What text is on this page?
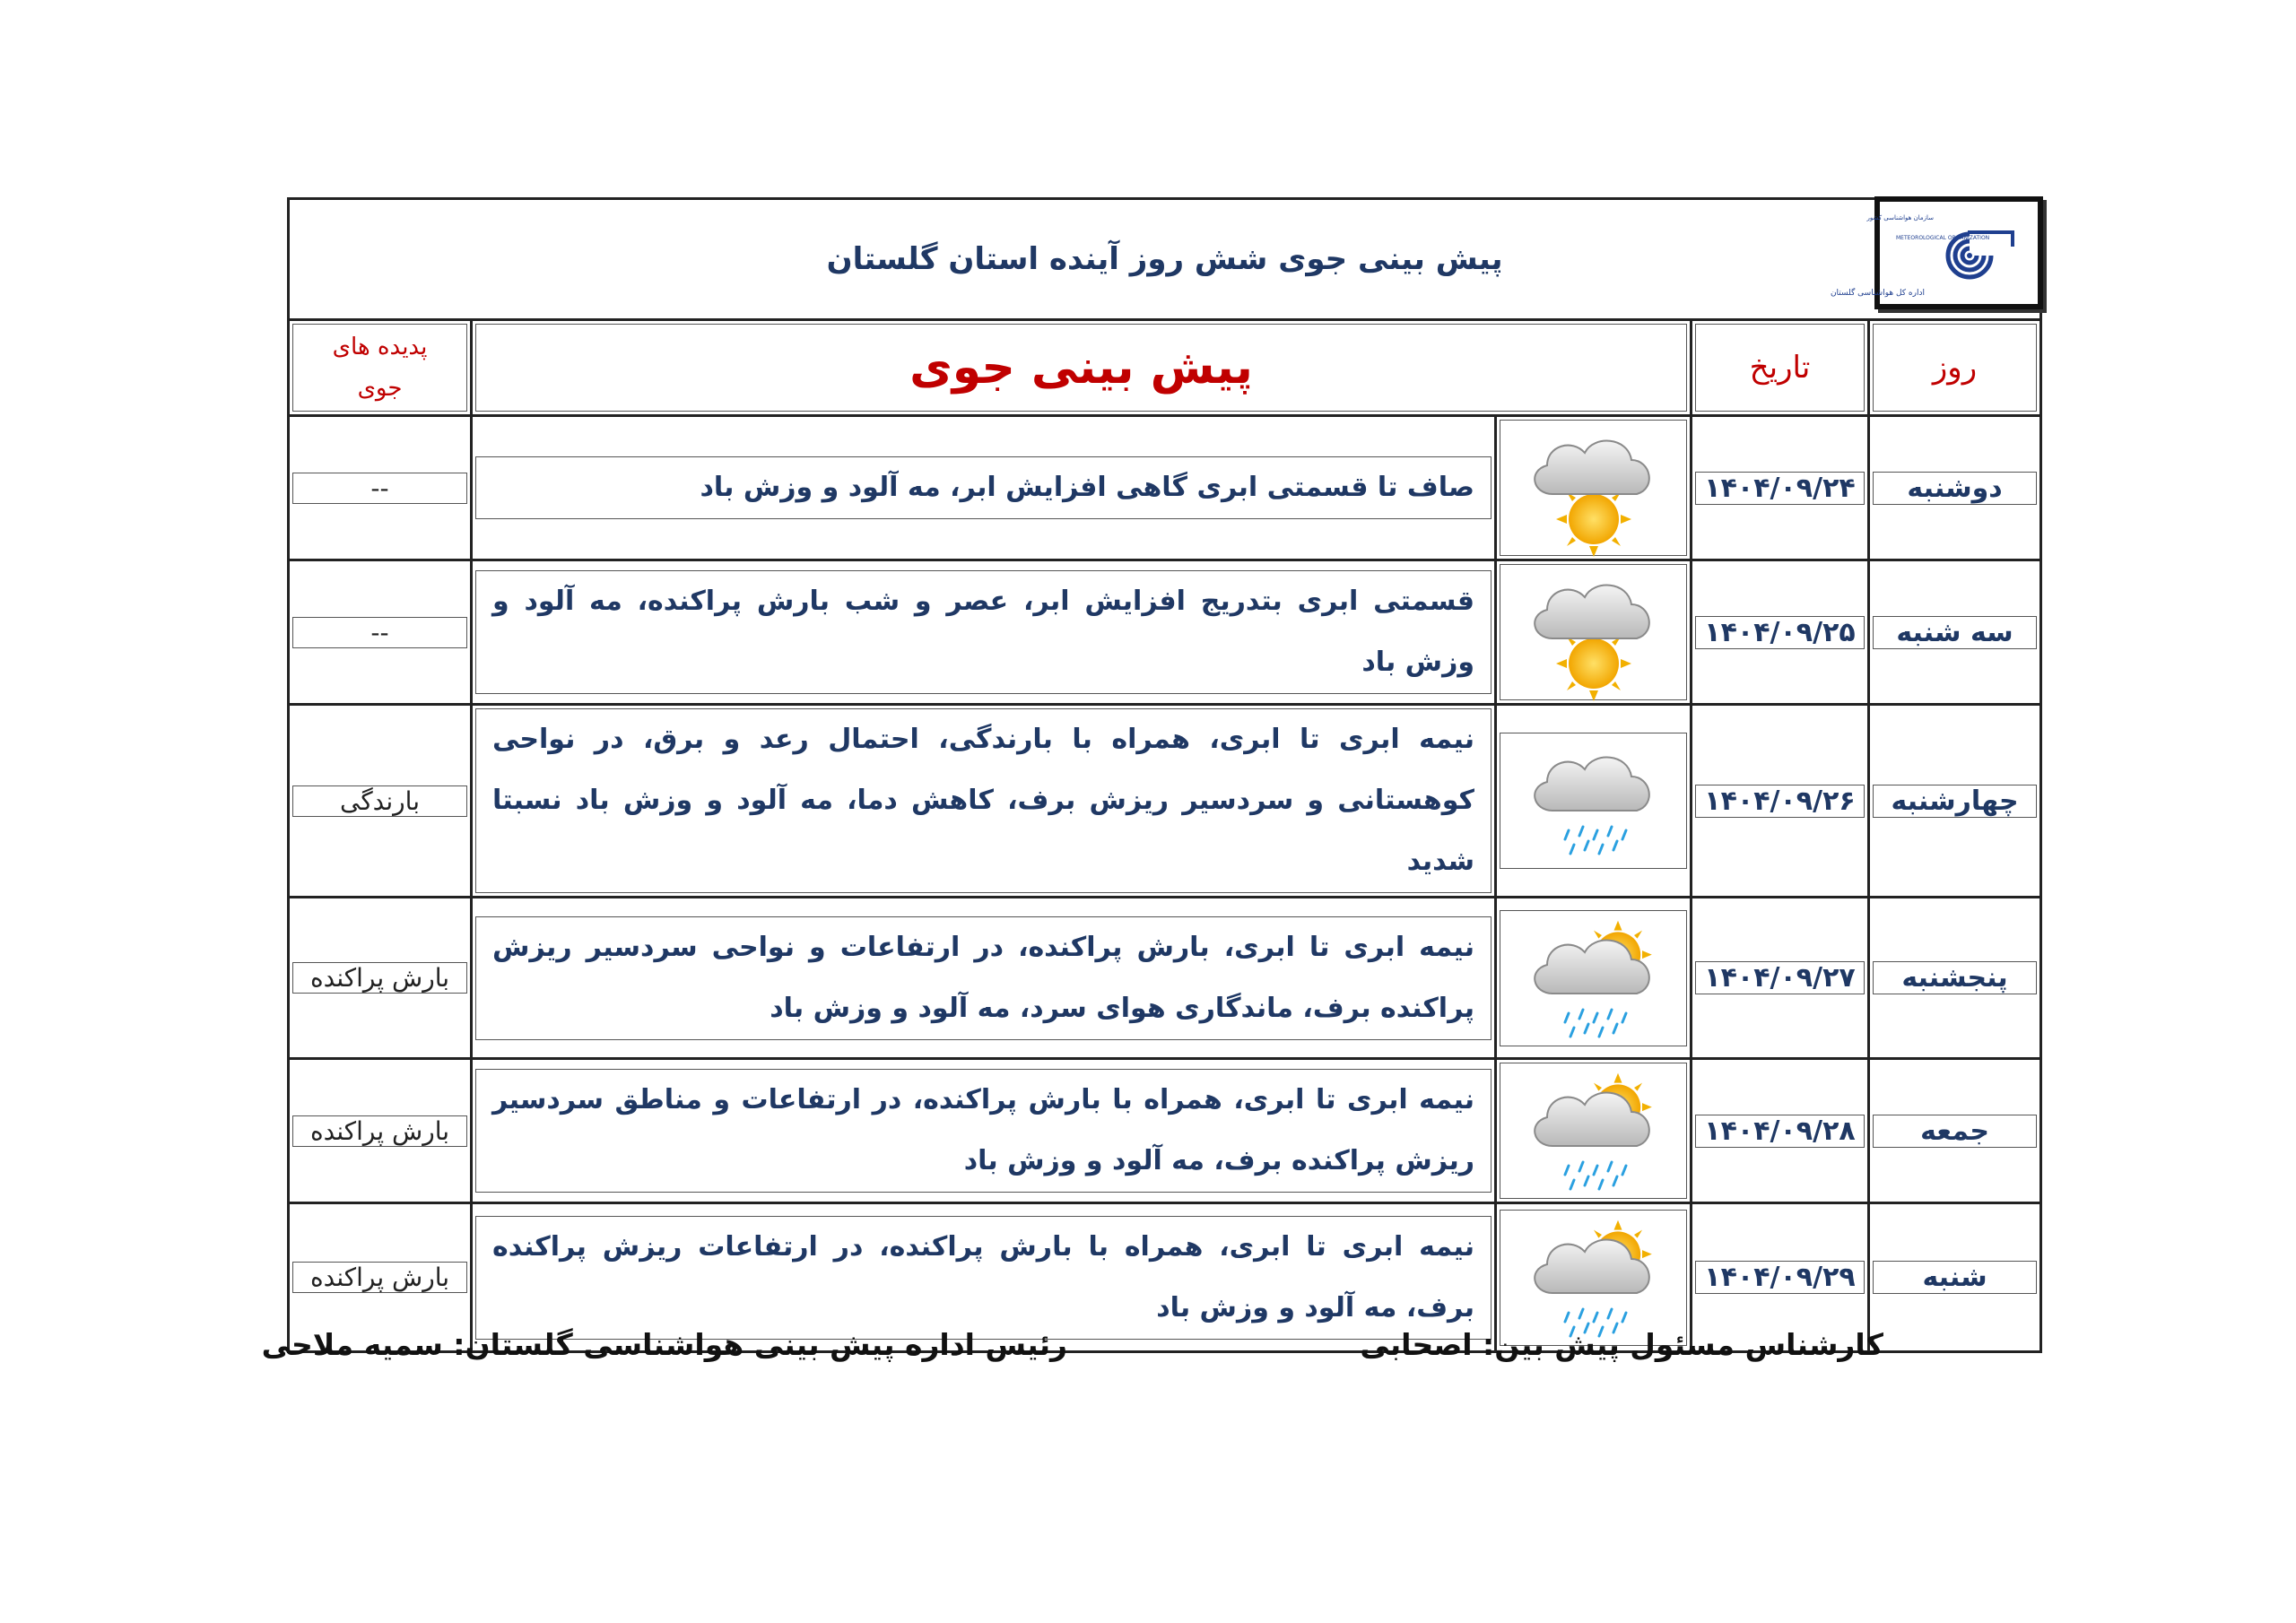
پیش بینی جوی شش روز آینده استان گلستان
سازمان هواشناسی کشور
METEOROLOGICAL ORGANIZATION
اداره کل هواشناسی گلستان				

پدیده های جوی	پیش بینی جوی		تاریخ	روز

--	صاف تا قسمتی ابری گاهی افزایش ابر، مه آلود و وزش باد		۱۴۰۴/۰۹/۲۴	دوشنبه

--	قسمتی ابری بتدریج افزایش ابر، عصر و شب بارش پراکنده، مه آلود و وزش باد		۱۴۰۴/۰۹/۲۵	سه شنبه

بارندگی	نیمه ابری تا ابری، همراه با بارندگی، احتمال رعد و برق، در نواحی کوهستانی و سردسیر ریزش برف، کاهش دما، مه آلود و وزش باد نسبتا شدید		۱۴۰۴/۰۹/۲۶	چهارشنبه

بارش پراکنده	نیمه ابری تا ابری، بارش پراکنده، در ارتفاعات و نواحی سردسیر ریزش پراکنده برف، ماندگاری هوای سرد، مه آلود و وزش باد		۱۴۰۴/۰۹/۲۷	پنجشنبه

بارش پراکنده	نیمه ابری تا ابری، همراه با بارش پراکنده، در ارتفاعات و مناطق سردسیر ریزش پراکنده برف، مه آلود و وزش باد		۱۴۰۴/۰۹/۲۸	جمعه

بارش پراکنده	نیمه ابری تا ابری، همراه با بارش پراکنده، در ارتفاعات ریزش پراکنده برف، مه آلود و وزش باد		۱۴۰۴/۰۹/۲۹	شنبه
کارشناس مسئول پیش بین: اصحابی
رئیس اداره پیش بینی هواشناسی گلستان: سمیه ملاحی
